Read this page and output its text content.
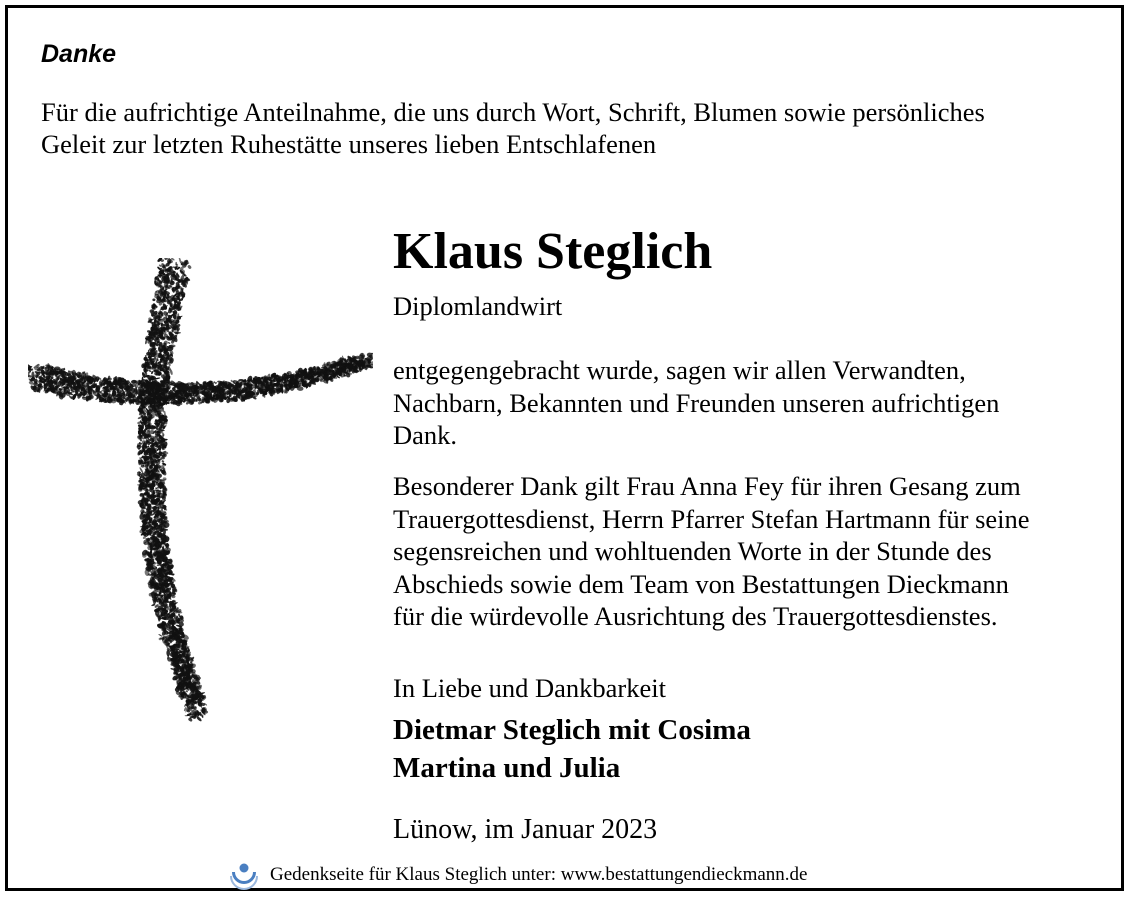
Danke
Für die aufrichtige Anteilnahme, die uns durch Wort, Schrift, Blumen sowie persönliches
Geleit zur letzten Ruhestätte unseres lieben Entschlafenen
Klaus Steglich
Diplomlandwirt
entgegengebracht wurde, sagen wir allen Verwandten,
Nachbarn, Bekannten und Freunden unseren aufrichtigen
Dank.
Besonderer Dank gilt Frau Anna Fey für ihren Gesang zum
Trauergottesdienst, Herrn Pfarrer Stefan Hartmann für seine
segensreichen und wohltuenden Worte in der Stunde des
Abschieds sowie dem Team von Bestattungen Dieckmann
für die würdevolle Ausrichtung des Trauergottesdienstes.
In Liebe und Dankbarkeit
Dietmar Steglich mit Cosima
Martina und Julia
Lünow, im Januar 2023
Gedenkseite für Klaus Steglich unter: www.bestattungendieckmann.de
